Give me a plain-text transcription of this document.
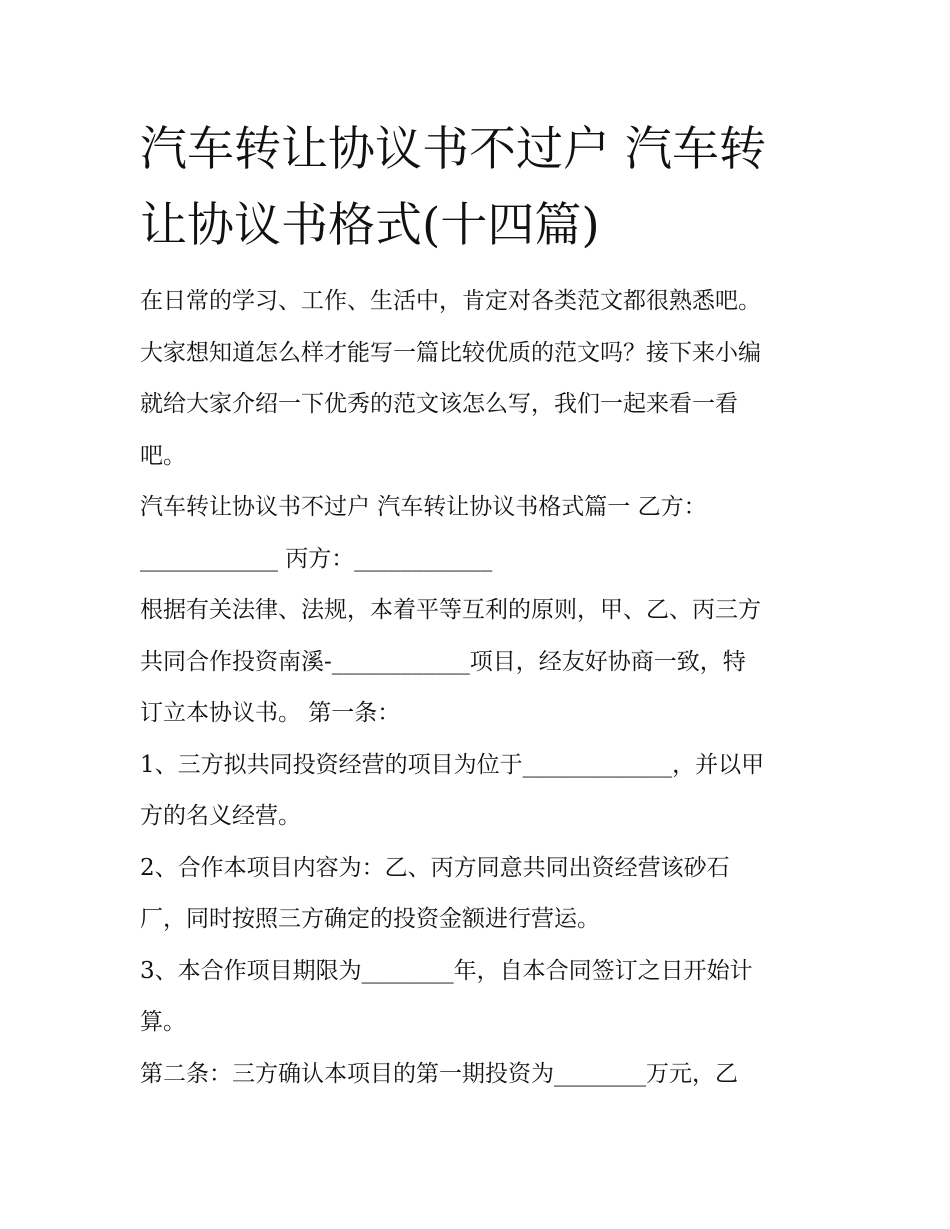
汽车转让协议书不过户 汽车转
让协议书格式(十四篇)
在日常的学习、工作、生活中，肯定对各类范文都很熟悉吧。
大家想知道怎么样才能写一篇比较优质的范文吗？接下来小编
就给大家介绍一下优秀的范文该怎么写，我们一起来看一看
吧。
汽车转让协议书不过户 汽车转让协议书格式篇一 乙方：
____________ 丙方：____________
根据有关法律、法规，本着平等互利的原则，甲、乙、丙三方
共同合作投资南溪-____________项目，经友好协商一致，特
订立本协议书。 第一条：
1、三方拟共同投资经营的项目为位于_____________，并以甲
方的名义经营。
2、合作本项目内容为：乙、丙方同意共同出资经营该砂石
厂，同时按照三方确定的投资金额进行营运。
3、本合作项目期限为________年，自本合同签订之日开始计
算。
第二条：三方确认本项目的第一期投资为________万元，乙
